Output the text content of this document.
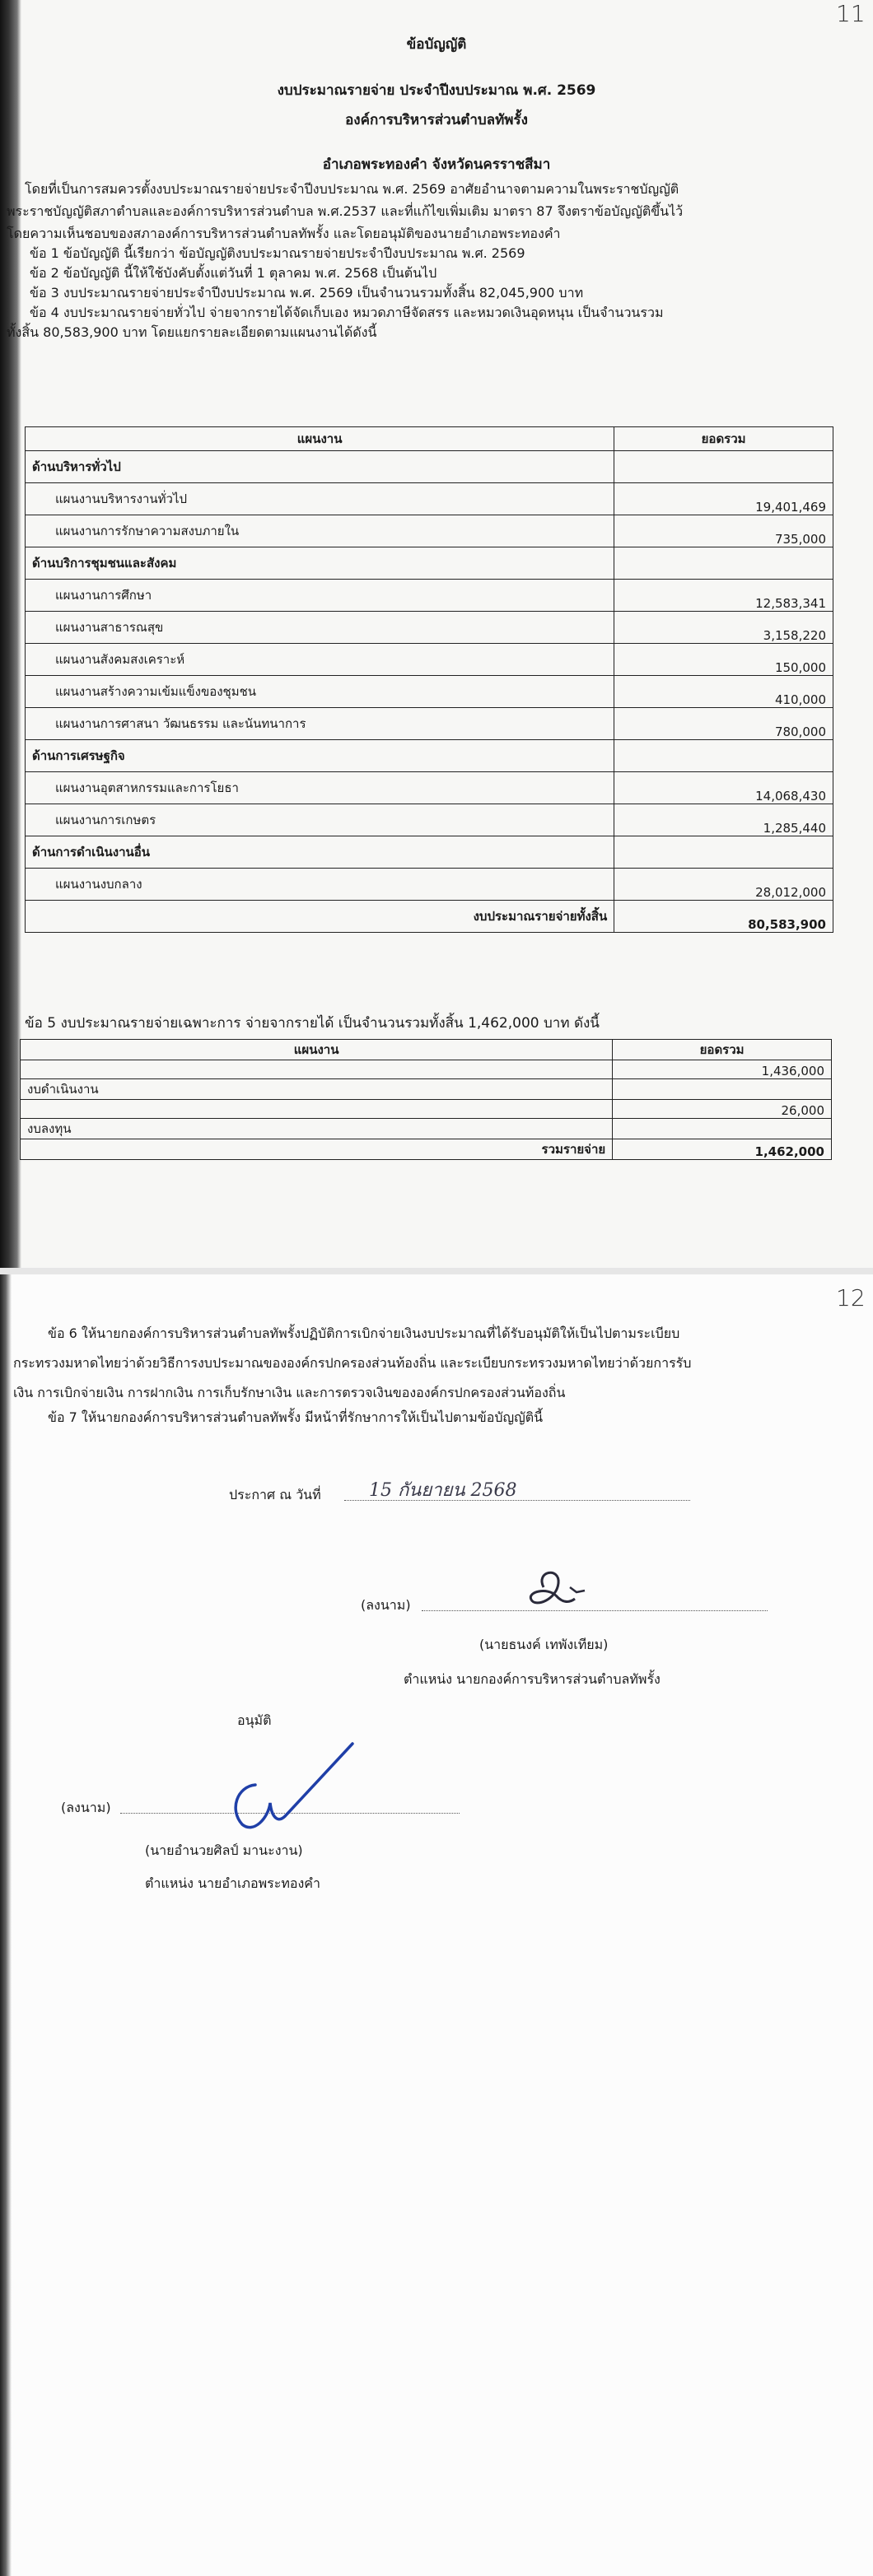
11
ข้อบัญญัติ
งบประมาณรายจ่าย ประจำปีงบประมาณ พ.ศ. 2569
องค์การบริหารส่วนตำบลทัพรั้ง
อำเภอพระทองคำ จังหวัดนครราชสีมา
โดยที่เป็นการสมควรตั้งงบประมาณรายจ่ายประจำปีงบประมาณ พ.ศ. 2569 อาศัยอำนาจตามความในพระราชบัญญัติ
พระราชบัญญัติสภาตำบลและองค์การบริหารส่วนตำบล พ.ศ.2537 และที่แก้ไขเพิ่มเติม มาตรา 87 จึงตราข้อบัญญัติขึ้นไว้
โดยความเห็นชอบของสภาองค์การบริหารส่วนตำบลทัพรั้ง และโดยอนุมัติของนายอำเภอพระทองคำ
ข้อ 1 ข้อบัญญัติ นี้เรียกว่า ข้อบัญญัติงบประมาณรายจ่ายประจำปีงบประมาณ พ.ศ. 2569
ข้อ 2 ข้อบัญญัติ นี้ให้ใช้บังคับตั้งแต่วันที่ 1 ตุลาคม พ.ศ. 2568 เป็นต้นไป
ข้อ 3 งบประมาณรายจ่ายประจำปีงบประมาณ พ.ศ. 2569 เป็นจำนวนรวมทั้งสิ้น 82,045,900 บาท
ข้อ 4 งบประมาณรายจ่ายทั่วไป จ่ายจากรายได้จัดเก็บเอง หมวดภาษีจัดสรร และหมวดเงินอุดหนุน เป็นจำนวนรวม
ทั้งสิ้น 80,583,900 บาท โดยแยกรายละเอียดตามแผนงานได้ดังนี้
แผนงาน	ยอดรวม
ด้านบริหารทั่วไป	
แผนงานบริหารงานทั่วไป	19,401,469
แผนงานการรักษาความสงบภายใน	735,000
ด้านบริการชุมชนและสังคม	
แผนงานการศึกษา	12,583,341
แผนงานสาธารณสุข	3,158,220
แผนงานสังคมสงเคราะห์	150,000
แผนงานสร้างความเข้มแข็งของชุมชน	410,000
แผนงานการศาสนา วัฒนธรรม และนันทนาการ	780,000
ด้านการเศรษฐกิจ	
แผนงานอุตสาหกรรมและการโยธา	14,068,430
แผนงานการเกษตร	1,285,440
ด้านการดำเนินงานอื่น	
แผนงานงบกลาง	28,012,000
งบประมาณรายจ่ายทั้งสิ้น	80,583,900
ข้อ 5 งบประมาณรายจ่ายเฉพาะการ จ่ายจากรายได้ เป็นจำนวนรวมทั้งสิ้น 1,462,000 บาท ดังนี้
แผนงาน	ยอดรวม
	1,436,000
งบดำเนินงาน	
	26,000
งบลงทุน	
รวมรายจ่าย	1,462,000
12
ข้อ 6 ให้นายกองค์การบริหารส่วนตำบลทัพรั้งปฏิบัติการเบิกจ่ายเงินงบประมาณที่ได้รับอนุมัติให้เป็นไปตามระเบียบ
กระทรวงมหาดไทยว่าด้วยวิธีการงบประมาณขององค์กรปกครองส่วนท้องถิ่น และระเบียบกระทรวงมหาดไทยว่าด้วยการรับ
เงิน การเบิกจ่ายเงิน การฝากเงิน การเก็บรักษาเงิน และการตรวจเงินขององค์กรปกครองส่วนท้องถิ่น
ข้อ 7 ให้นายกองค์การบริหารส่วนตำบลทัพรั้ง มีหน้าที่รักษาการให้เป็นไปตามข้อบัญญัตินี้
ประกาศ ณ วันที่	15 กันยายน 2568
(ลงนาม)
(นายธนงค์ เทพังเทียม)
ตำแหน่ง นายกองค์การบริหารส่วนตำบลทัพรั้ง
อนุมัติ
(ลงนาม)
(นายอำนวยศิลป์ มานะงาน)
ตำแหน่ง นายอำเภอพระทองคำ
